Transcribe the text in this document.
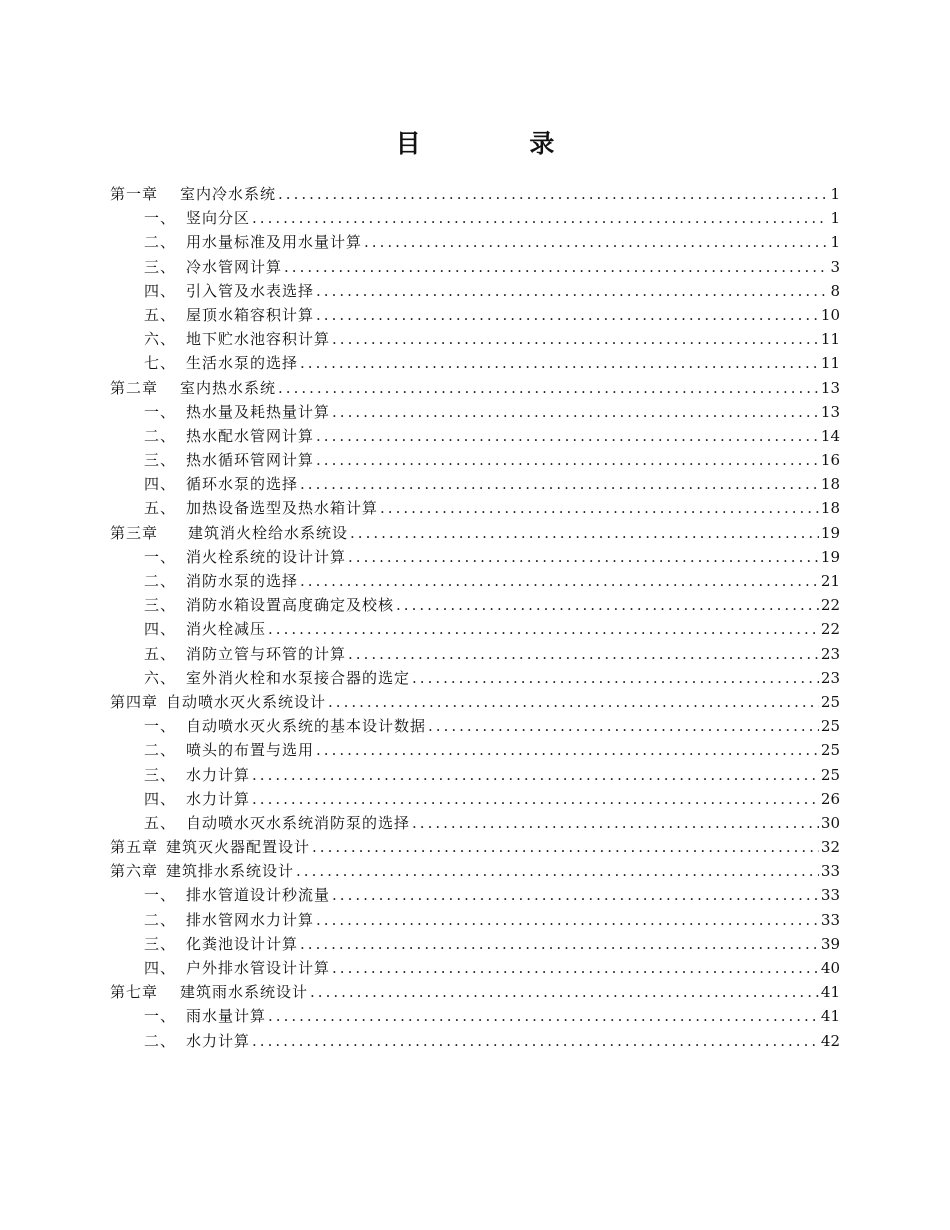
目 录
第一章 室内冷水系统 .....	1
一、 竖向分区 .....	1
二、 用水量标准及用水量计算 .....	1
三、 冷水管网计算 .....	3
四、 引入管及水表选择 .....	8
五、 屋顶水箱容积计算 .....	10
六、 地下贮水池容积计算 .....	11
七、 生活水泵的选择 .....	11
第二章 室内热水系统 .....	13
一、 热水量及耗热量计算 .....	13
二、 热水配水管网计算 .....	14
三、 热水循环管网计算 .....	16
四、 循环水泵的选择 .....	18
五、 加热设备选型及热水箱计算 .....	18
第三章 建筑消火栓给水系统设 .....	19
一、 消火栓系统的设计计算 .....	19
二、 消防水泵的选择 .....	21
三、 消防水箱设置高度确定及校核 .....	22
四、 消火栓减压 .....	22
五、 消防立管与环管的计算 .....	23
六、 室外消火栓和水泵接合器的选定 .....	23
第四章 自动喷水灭火系统设计 .....	25
一、 自动喷水灭火系统的基本设计数据 .....	25
二、 喷头的布置与选用 .....	25
三、 水力计算 .....	25
四、 水力计算 .....	26
五、 自动喷水灭水系统消防泵的选择 .....	30
第五章 建筑灭火器配置设计 .....	32
第六章 建筑排水系统设计 .....	33
一、 排水管道设计秒流量 .....	33
二、 排水管网水力计算 .....	33
三、 化粪池设计计算 .....	39
四、 户外排水管设计计算 .....	40
第七章 建筑雨水系统设计 .....	41
一、 雨水量计算 .....	41
二、 水力计算 .....	42
